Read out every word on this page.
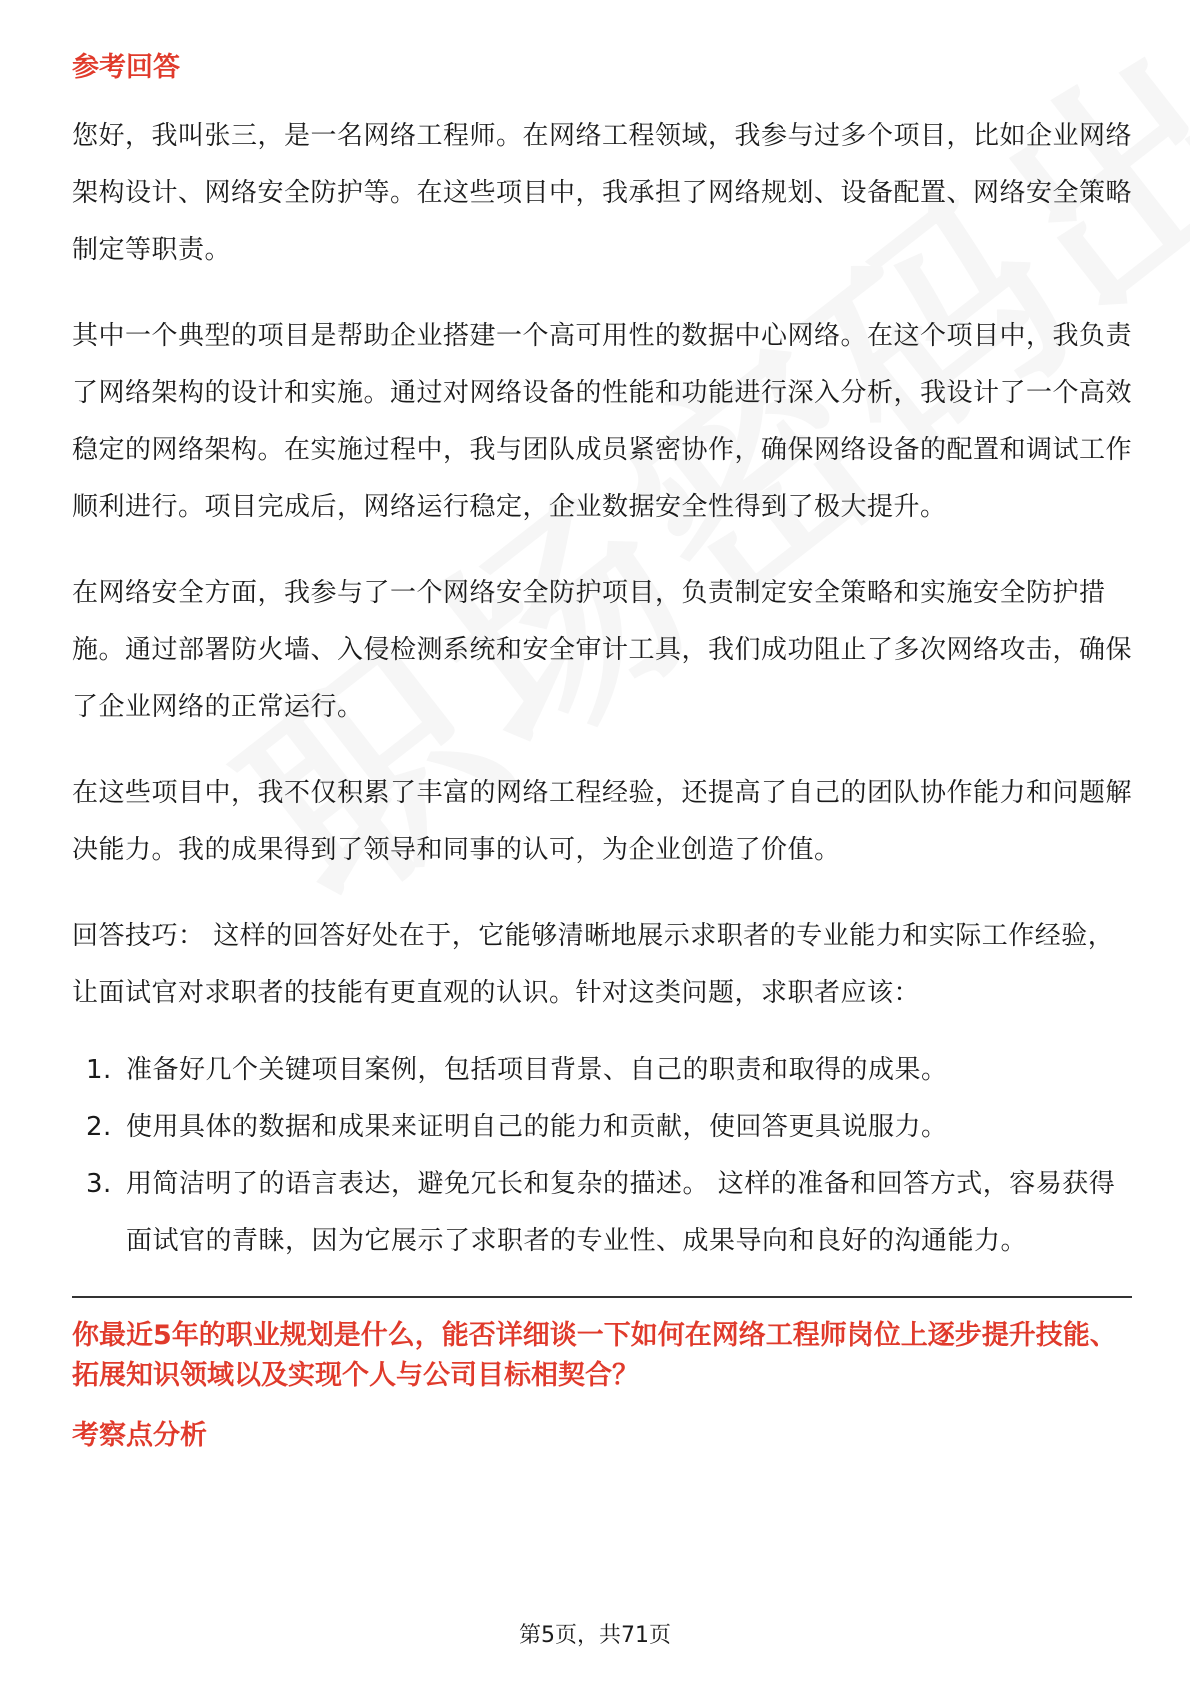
参考回答

您好，我叫张三，是一名网络工程师。在网络工程领域，我参与过多个项目，比如企业网络架构设计、网络安全防护等。在这些项目中，我承担了网络规划、设备配置、网络安全策略制定等职责。

其中一个典型的项目是帮助企业搭建一个高可用性的数据中心网络。在这个项目中，我负责了网络架构的设计和实施。通过对网络设备的性能和功能进行深入分析，我设计了一个高效稳定的网络架构。在实施过程中，我与团队成员紧密协作，确保网络设备的配置和调试工作顺利进行。项目完成后，网络运行稳定，企业数据安全性得到了极大提升。

在网络安全方面，我参与了一个网络安全防护项目，负责制定安全策略和实施安全防护措施。通过部署防火墙、入侵检测系统和安全审计工具，我们成功阻止了多次网络攻击，确保了企业网络的正常运行。

在这些项目中，我不仅积累了丰富的网络工程经验，还提高了自己的团队协作能力和问题解决能力。我的成果得到了领导和同事的认可，为企业创造了价值。

回答技巧： 这样的回答好处在于，它能够清晰地展示求职者的专业能力和实际工作经验，让面试官对求职者的技能有更直观的认识。针对这类问题，求职者应该：

1. 准备好几个关键项目案例，包括项目背景、自己的职责和取得的成果。
2. 使用具体的数据和成果来证明自己的能力和贡献，使回答更具说服力。
3. 用简洁明了的语言表达，避免冗长和复杂的描述。 这样的准备和回答方式，容易获得面试官的青睐，因为它展示了求职者的专业性、成果导向和良好的沟通能力。
你最近5年的职业规划是什么，能否详细谈一下如何在网络工程师岗位上逐步提升技能、拓展知识领域以及实现个人与公司目标相契合？
考察点分析
第5页，共71页
